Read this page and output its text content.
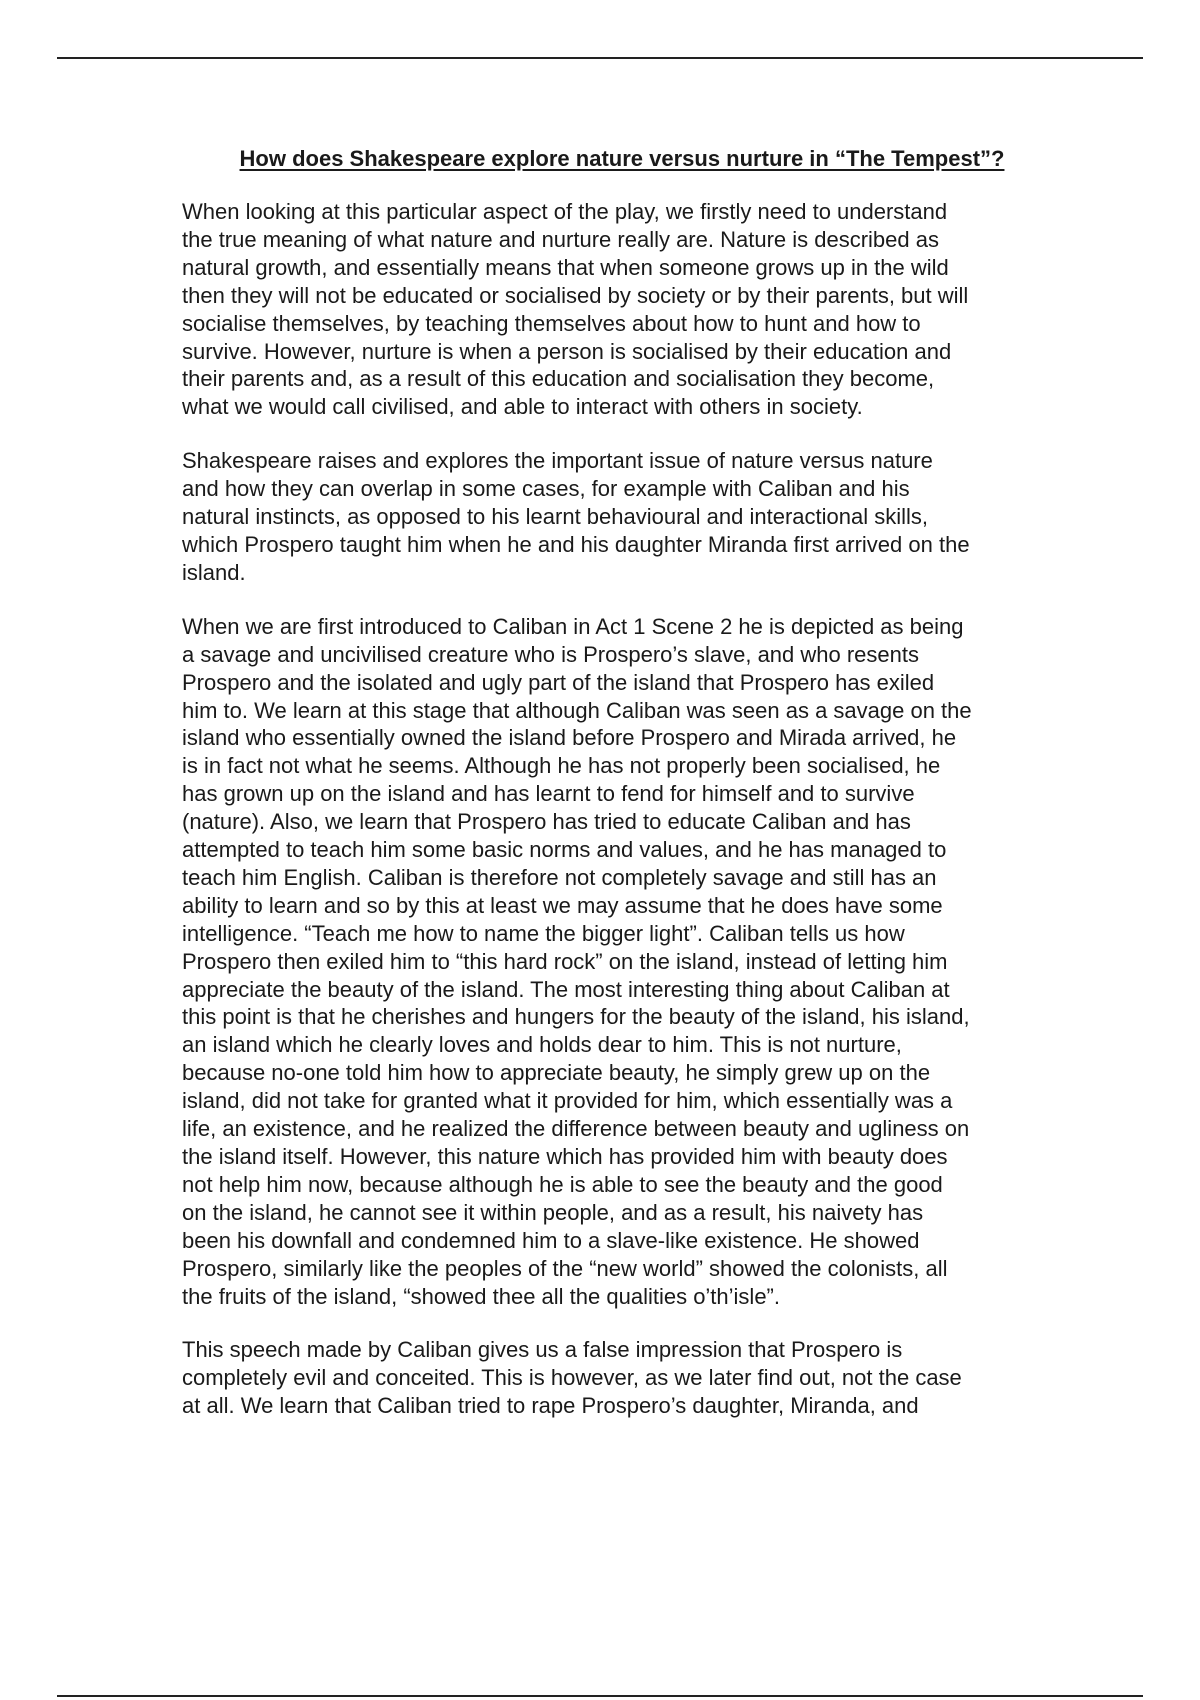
How does Shakespeare explore nature versus nurture in “The Tempest”?

When looking at this particular aspect of the play, we firstly need to understand
the true meaning of what nature and nurture really are. Nature is described as
natural growth, and essentially means that when someone grows up in the wild
then they will not be educated or socialised by society or by their parents, but will
socialise themselves, by teaching themselves about how to hunt and how to
survive. However, nurture is when a person is socialised by their education and
their parents and, as a result of this education and socialisation they become,
what we would call civilised, and able to interact with others in society.

Shakespeare raises and explores the important issue of nature versus nature
and how they can overlap in some cases, for example with Caliban and his
natural instincts, as opposed to his learnt behavioural and interactional skills,
which Prospero taught him when he and his daughter Miranda first arrived on the
island.

When we are first introduced to Caliban in Act 1 Scene 2 he is depicted as being
a savage and uncivilised creature who is Prospero’s slave, and who resents
Prospero and the isolated and ugly part of the island that Prospero has exiled
him to. We learn at this stage that although Caliban was seen as a savage on the
island who essentially owned the island before Prospero and Mirada arrived, he
is in fact not what he seems. Although he has not properly been socialised, he
has grown up on the island and has learnt to fend for himself and to survive
(nature). Also, we learn that Prospero has tried to educate Caliban and has
attempted to teach him some basic norms and values, and he has managed to
teach him English. Caliban is therefore not completely savage and still has an
ability to learn and so by this at least we may assume that he does have some
intelligence. “Teach me how to name the bigger light”. Caliban tells us how
Prospero then exiled him to “this hard rock” on the island, instead of letting him
appreciate the beauty of the island. The most interesting thing about Caliban at
this point is that he cherishes and hungers for the beauty of the island, his island,
an island which he clearly loves and holds dear to him. This is not nurture,
because no-one told him how to appreciate beauty, he simply grew up on the
island, did not take for granted what it provided for him, which essentially was a
life, an existence, and he realized the difference between beauty and ugliness on
the island itself. However, this nature which has provided him with beauty does
not help him now, because although he is able to see the beauty and the good
on the island, he cannot see it within people, and as a result, his naivety has
been his downfall and condemned him to a slave-like existence. He showed
Prospero, similarly like the peoples of the “new world” showed the colonists, all
the fruits of the island, “showed thee all the qualities o’th’isle”.

This speech made by Caliban gives us a false impression that Prospero is
completely evil and conceited. This is however, as we later find out, not the case
at all. We learn that Caliban tried to rape Prospero’s daughter, Miranda, and
